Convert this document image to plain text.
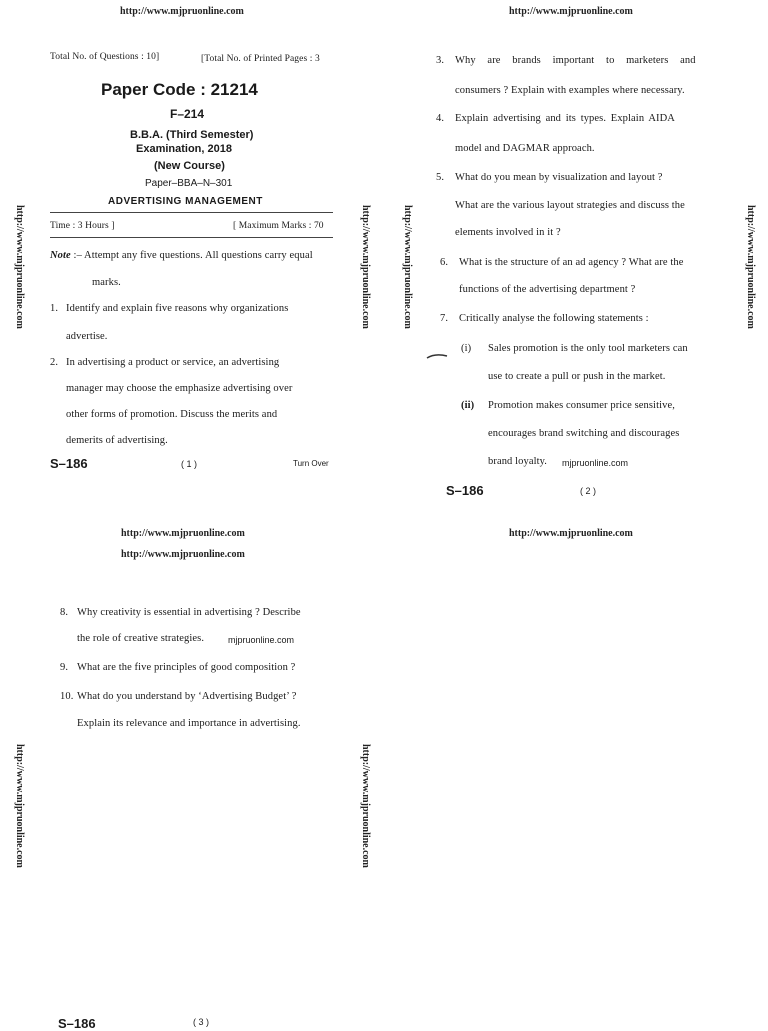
http://www.mjpruonline.com	http://www.mjpruonline.com
Total No. of Questions : 10]	[Total No. of Printed Pages : 3
Paper Code : 21214
F–214
B.B.A. (Third Semester)
Examination, 2018
(New Course)
Paper–BBA–N–301
ADVERTISING MANAGEMENT
Time : 3 Hours ]	[ Maximum Marks : 70
Note :– Attempt any five questions. All questions carry equal
marks.
1. Identify and explain five reasons why organizations
advertise.
2. In advertising a product or service, an advertising
manager may choose the emphasize advertising over
other forms of promotion. Discuss the merits and
demerits of advertising.
S–186	( 1 )	Turn Over
3. Why are brands important to marketers and
consumers ? Explain with examples where necessary.
4. Explain advertising and its types. Explain AIDA
model and DAGMAR approach.
5. What do you mean by visualization and layout ?
What are the various layout strategies and discuss the
elements involved in it ?
6. What is the structure of an ad agency ? What are the
functions of the advertising department ?
7. Critically analyse the following statements :
(i) Sales promotion is the only tool marketers can
use to create a pull or push in the market.
(ii) Promotion makes consumer price sensitive,
encourages brand switching and discourages
brand loyalty. mjpruonline.com
S–186	( 2 )
http://www.mjpruonline.com
http://www.mjpruonline.com
http://www.mjpruonline.com
8. Why creativity is essential in advertising ? Describe
the role of creative strategies.	mjpruonline.com
9. What are the five principles of good composition ?
10. What do you understand by ‘Advertising Budget’ ?
Explain its relevance and importance in advertising.
S–186	( 3 )
http://www.mjpruonline.com	http://www.mjpruonline.com	http://www.mjpruonline.com	http://www.mjpruonline.com
http://www.mjpruonline.com	http://www.mjpruonline.com
